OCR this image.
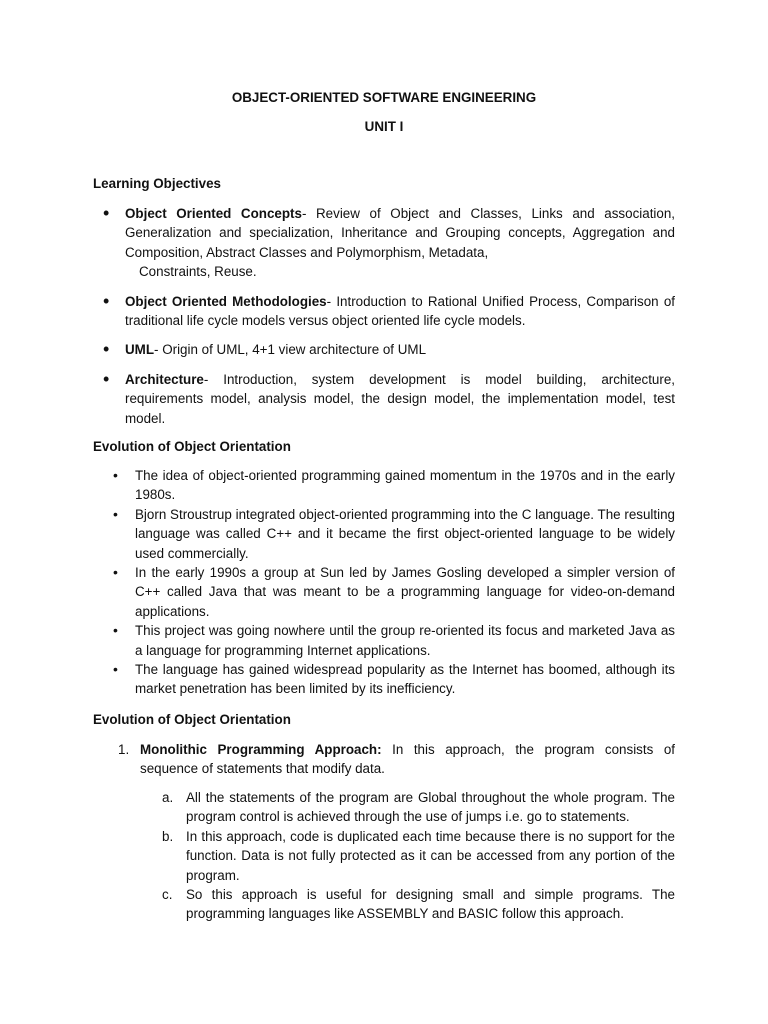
OBJECT-ORIENTED SOFTWARE ENGINEERING
UNIT I
Learning Objectives
• Object Oriented Concepts- Review of Object and Classes, Links and association, Generalization and specialization, Inheritance and Grouping concepts, Aggregation and Composition, Abstract Classes and Polymorphism, Metadata,
Constraints, Reuse.
• Object Oriented Methodologies- Introduction to Rational Unified Process, Comparison of traditional life cycle models versus object oriented life cycle models.
• UML- Origin of UML, 4+1 view architecture of UML
• Architecture- Introduction, system development is model building, architecture, requirements model, analysis model, the design model, the implementation model, test model.
Evolution of Object Orientation
• The idea of object-oriented programming gained momentum in the 1970s and in the early 1980s.
• Bjorn Stroustrup integrated object-oriented programming into the C language. The resulting language was called C++ and it became the first object-oriented language to be widely used commercially.
• In the early 1990s a group at Sun led by James Gosling developed a simpler version of C++ called Java that was meant to be a programming language for video-on-demand applications.
• This project was going nowhere until the group re-oriented its focus and marketed Java as a language for programming Internet applications.
• The language has gained widespread popularity as the Internet has boomed, although its market penetration has been limited by its inefficiency.
Evolution of Object Orientation
1. Monolithic Programming Approach: In this approach, the program consists of sequence of statements that modify data.
a. All the statements of the program are Global throughout the whole program. The program control is achieved through the use of jumps i.e. go to statements.
b. In this approach, code is duplicated each time because there is no support for the function. Data is not fully protected as it can be accessed from any portion of the program.
c. So this approach is useful for designing small and simple programs. The programming languages like ASSEMBLY and BASIC follow this approach.
